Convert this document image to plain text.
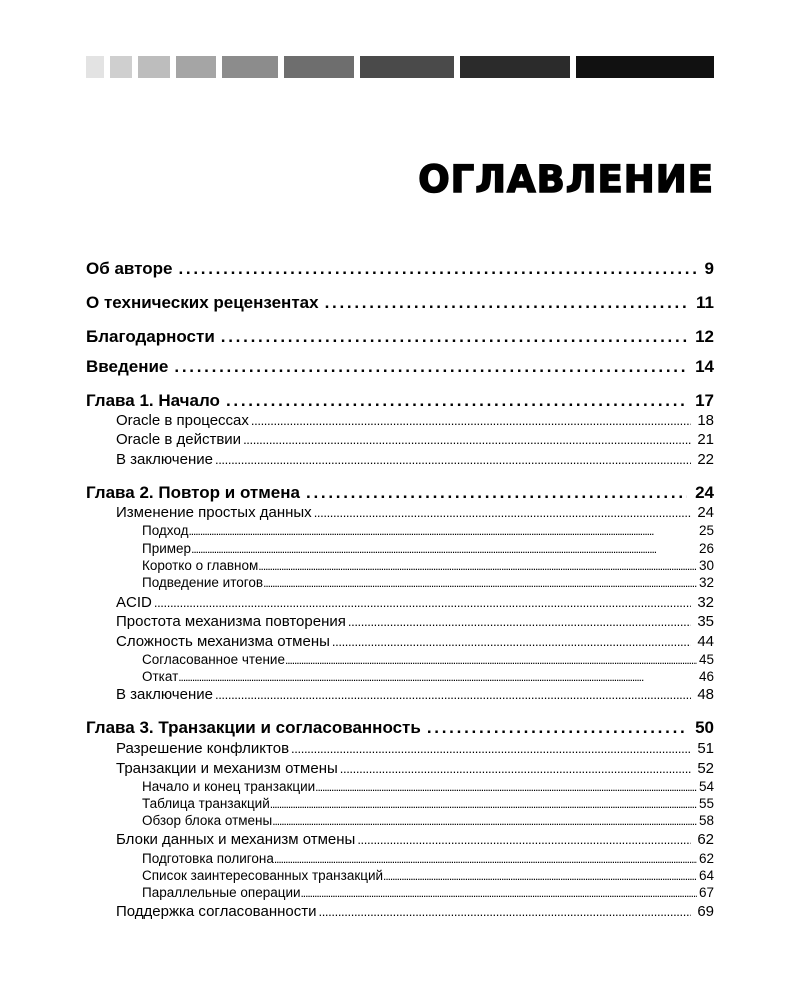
ОГЛАВЛЕНИЕ
Об авторе . . .	9
О технических рецензентах . . .	11
Благодарности . . .	12
Введение . . .	14
Глава 1. Начало . . .	17
Oracle в процессах . . .	18
Oracle в действии . . .	21
В заключение . . .	22
Глава 2. Повтор и отмена . . .	24
Изменение простых данных . . .	24
Подход . . .	25
Пример . . .	26
Коротко о главном . . .	30
Подведение итогов . . .	32
ACID . . .	32
Простота механизма повторения . . .	35
Сложность механизма отмены . . .	44
Согласованное чтение . . .	45
Откат . . .	46
В заключение . . .	48
Глава 3. Транзакции и согласованность . . .	50
Разрешение конфликтов . . .	51
Транзакции и механизм отмены . . .	52
Начало и конец транзакции . . .	54
Таблица транзакций . . .	55
Обзор блока отмены . . .	58
Блоки данных и механизм отмены . . .	62
Подготовка полигона . . .	62
Список заинтересованных транзакций . . .	64
Параллельные операции . . .	67
Поддержка согласованности . . .	69
